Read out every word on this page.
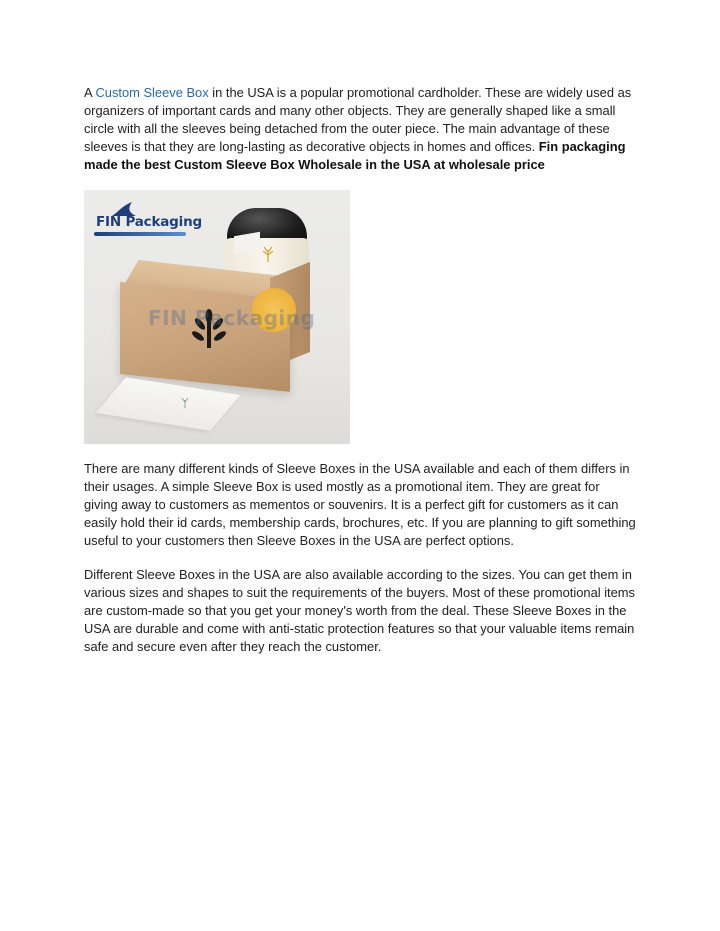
A Custom Sleeve Box in the USA is a popular promotional cardholder. These are widely used as organizers of important cards and many other objects. They are generally shaped like a small circle with all the sleeves being detached from the outer piece. The main advantage of these sleeves is that they are long-lasting as decorative objects in homes and offices. Fin packaging made the best Custom Sleeve Box Wholesale in the USA at wholesale price

FIN Packaging
FIN Packaging

There are many different kinds of Sleeve Boxes in the USA available and each of them differs in their usages. A simple Sleeve Box is used mostly as a promotional item. They are great for giving away to customers as mementos or souvenirs. It is a perfect gift for customers as it can easily hold their id cards, membership cards, brochures, etc. If you are planning to gift something useful to your customers then Sleeve Boxes in the USA are perfect options.

Different Sleeve Boxes in the USA are also available according to the sizes. You can get them in various sizes and shapes to suit the requirements of the buyers. Most of these promotional items are custom-made so that you get your money's worth from the deal. These Sleeve Boxes in the USA are durable and come with anti-static protection features so that your valuable items remain safe and secure even after they reach the customer.
